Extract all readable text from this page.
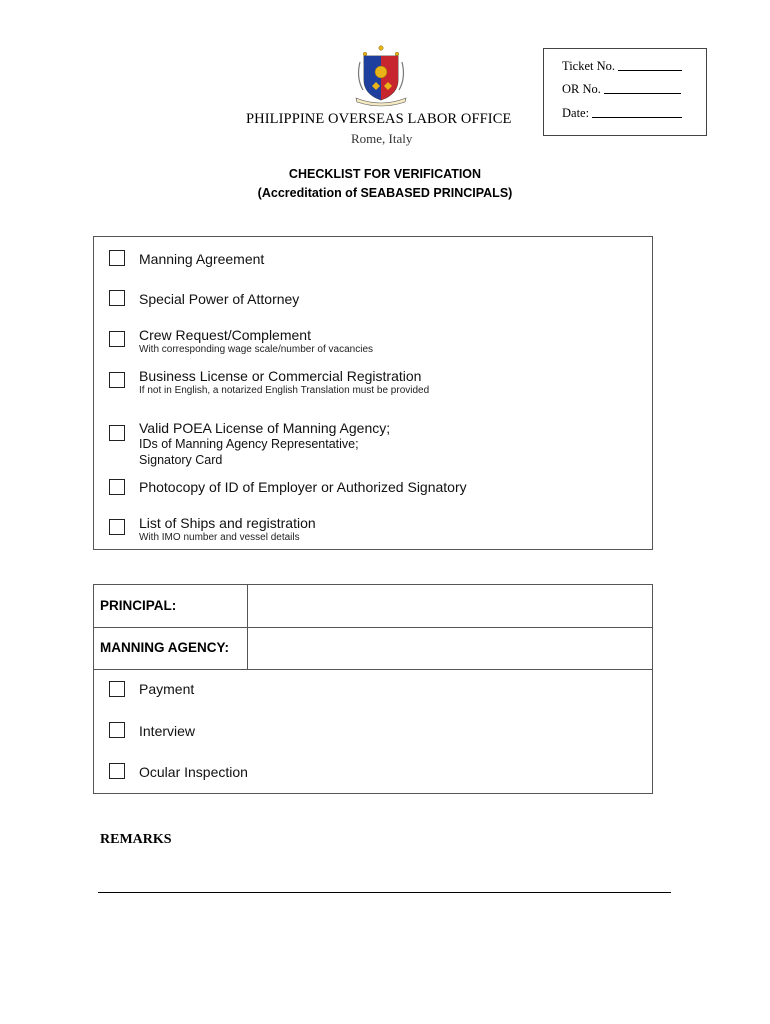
PHILIPPINE OVERSEAS LABOR OFFICE
Rome, Italy
Ticket No.
OR No.
Date:
CHECKLIST FOR VERIFICATION
(Accreditation of SEABASED PRINCIPALS)
Manning Agreement
Special Power of Attorney
Crew Request/Complement
With corresponding wage scale/number of vacancies
Business License or Commercial Registration
If not in English, a notarized English Translation must be provided
Valid POEA License of Manning Agency;
IDs of Manning Agency Representative;
Signatory Card
Photocopy of ID of Employer or Authorized Signatory
List of Ships and registration
With IMO number and vessel details
PRINCIPAL:
MANNING AGENCY:
Payment
Interview
Ocular Inspection
REMARKS
